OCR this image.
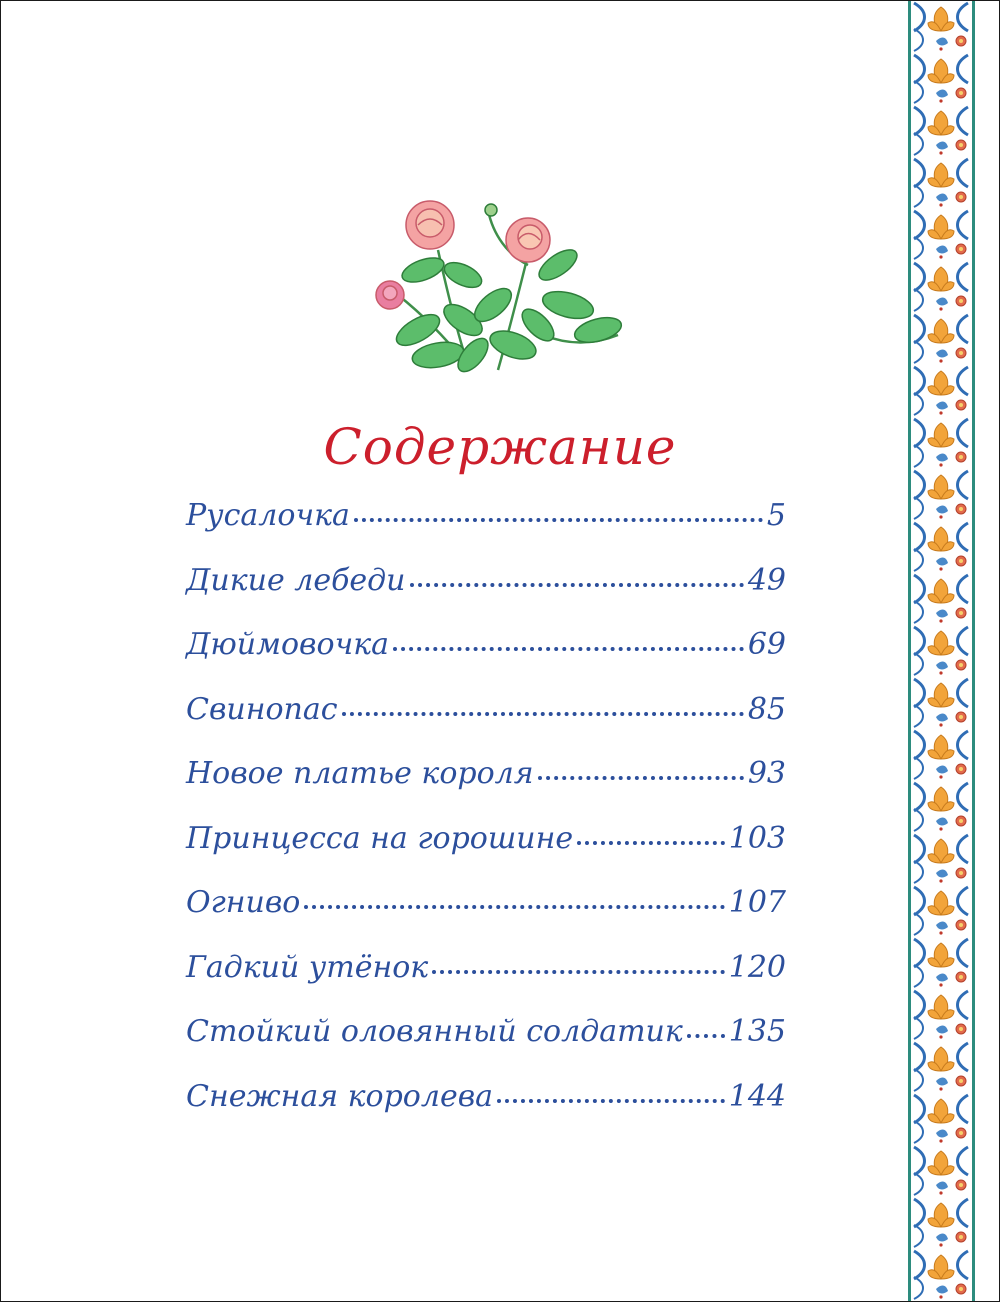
Содержание
Русалочка	5
Дикие лебеди	49
Дюймовочка	69
Свинопас	85
Новое платье короля	93
Принцесса на горошине	103
Огниво	107
Гадкий утёнок	120
Стойкий оловянный солдатик 135
Снежная королева	144
